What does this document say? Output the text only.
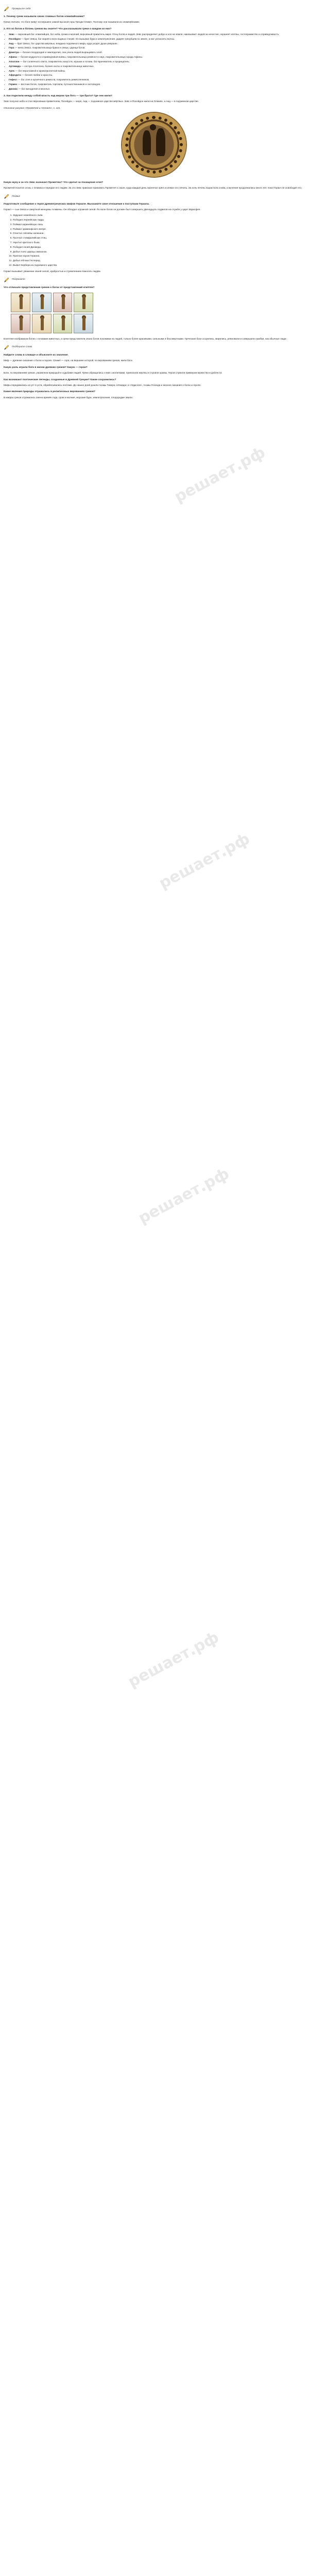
Проверьте себя
1. Почему греки называли своих главных богов олимпийскими?

Греки считали, что боги живут на вершине самой высокой горы Греции Олимп. Поэтому они называли их олимпийскими.

2. Кто из богов и богинь греков вы знаете? Что рассказывали греки о каждом из них?
• Зевс — верховный бог олимпийцев, бог неба, грома и молний, верховный правитель мира. Отец богов и людей. Зевс распределяет добро и зло на земле, наказывает людей за нечестие, охраняет клятвы, гостеприимство и справедливость.
• Посейдон — брат Зевса, бог морей и всех водных стихий. Он вызывал бури и землетрясения, ударяя трезубцем по земле, и мог успокоить волны.
• Аид — брат Зевса, бог царства мёртвых, владыка подземного мира, куда уходят души умерших.
• Гера — жена Зевса, покровительница брака и семьи, царица богов.
• Деметра — богиня плодородия и земледелия, она учила людей выращивать хлеб.
• Афина — богиня мудрости и справедливой войны, покровительница ремёсел и наук, покровительница города Афины.
• Аполлон — бог солнечного света, покровитель искусств, музыки и поэзии, бог-врачеватель и прорицатель.
• Артемида — сестра Аполлона, богиня охоты и покровительница животных.
• Арес — бог вероломной и кровопролитной войны.
• Афродита — богиня любви и красоты.
• Гефест — бог огня и кузнечного ремесла, покровитель ремесленников.
• Гермес — вестник богов, покровитель торговли, путешественников и скотоводов.
• Дионис — бог виноделия и веселья.
3. Как поделили между собой власть над миром три бога — три брата? Где они жили?

Зевс получил небо и стал верховным правителем, Посейдон — моря, Аид — подземное царство мёртвых. Зевс и Посейдон жили на Олимпе, а Аид — в подземном царстве.

Описание рисунка «Прометей и Атлант», с. 121.

Какую муку и за что Зевс назначил Прометею? Что сделал за похищение огня?

Прометей похитил огонь с Олимпа и передал его людям. За это Зевс приказал приковать Прометея к скале, куда каждый день прилетал орёл и клевал его печень. За ночь печень вырастала снова, и мучения продолжались много лет, пока Геракл не освободил его.

Подвиг
Подготовьте сообщение о герое древнегреческих мифов Геракле. Выскажите свое отношение к поступкам Геракла.

Геракл — сын Зевса и смертной женщины Алкмены. Он обладал огромной силой. По воле богов он должен был совершить двенадцать подвигов на службе у царя Эврисфея.

1. Задушил немейского льва.
2. Победил лернейскую гидру.
3. Поймал керинейскую лань.
4. Поймал эриманфского вепря.
5. Очистил Авгиевы конюшни.
6. Прогнал стимфалийских птиц.
7. Укротил критского быка.
8. Победил коней Диомеда.
9. Добыл пояс царицы амазонок.
10. Пригнал коров Гериона.
11. Добыл яблоки Гесперид.
12. Вывел Кербера из подземного царства.

Геракл вызывает уважение своей силой, храбростью и стремлением помогать людям.

Подумайте
Что отличало представления греков о богах от представлений египтян?

Египтяне изображали богов с головами животных, а греки представляли своих богов похожими на людей, только более красивыми, сильными и бессмертными. Греческие боги ссорились, мирились, ревновали и совершали ошибки, как обычные люди.

Подберите слова
Найдите слова в словаре и объясните их значение.

Миф — древнее сказание о богах и героях. Олимп — гора, на вершине которой, по верованиям греков, жили боги.

Какую роль играли боги в жизни древних греков? Какую — герои?

Боги, по верованиям греков, управляли природой и судьбами людей. Греки обращались к ним с молитвами, приносили жертвы и строили храмы. Герои служили примером мужества и доблести.

Как возникают поэтические легенды, созданные в Древней Греции? Какие сохранились?

Мифы передавались из уст в уста, обрабатывались поэтами. До наших дней дошли поэмы Гомера «Илиада» и «Одиссея», поэмы Гесиода и многие сказания о богах и героях.

Какие явления природы отражались в религиозных верованиях греков?

В мифах греков отражались смена времён года, гром и молния, морские бури, землетрясения, плодородие земли.

решает.рф
решает.рф
решает.рф
решает.рф
